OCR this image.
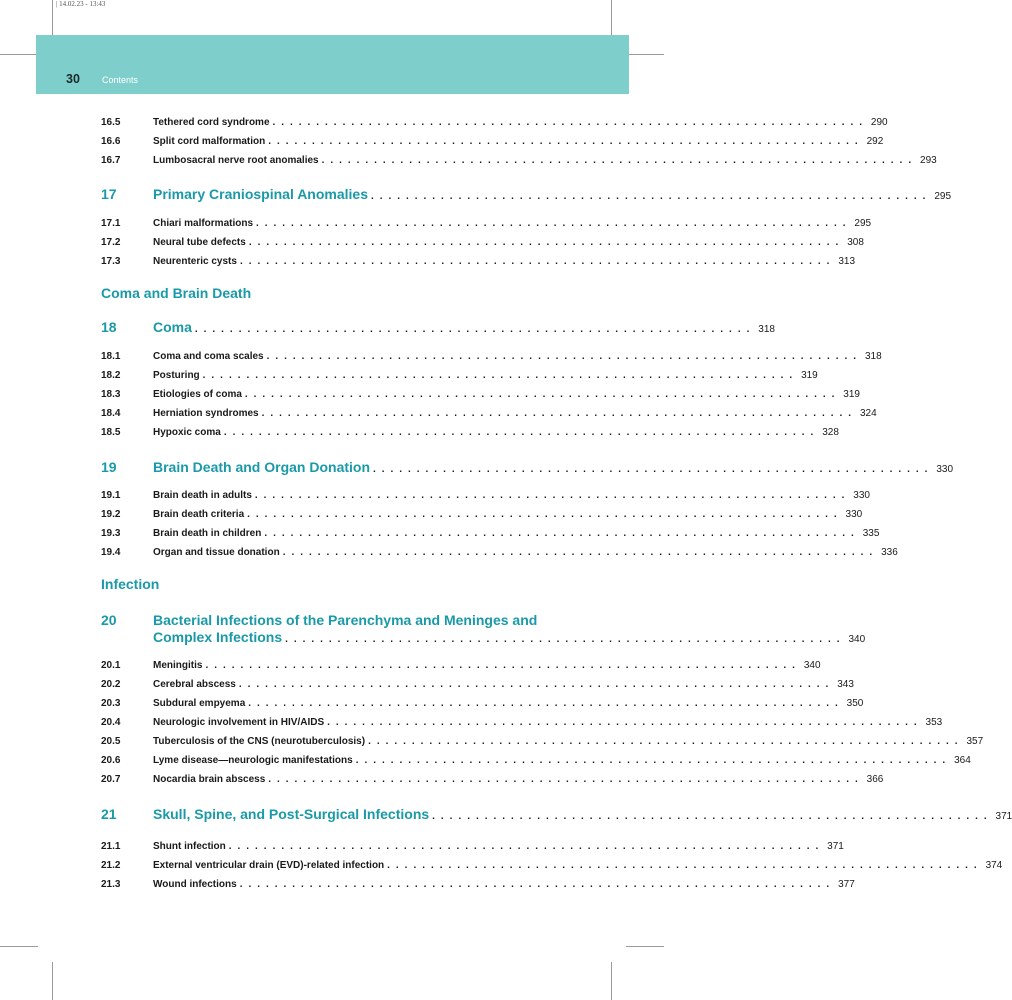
| 14.02.23 - 13:43
30 Contents
16.5	Tethered cord syndrome . . . . . . . . . . . . . . . . . . . . . . . . . . . . . . . . . . . . . . . . . . . . . . . . . . . . . . . . . . . . . . . . . . . . 290
16.6	Split cord malformation . . . . . . . . . . . . . . . . . . . . . . . . . . . . . . . . . . . . . . . . . . . . . . . . . . . . . . . . . . . . . . . . . . . . 292
16.7	Lumbosacral nerve root anomalies . . . . . . . . . . . . . . . . . . . . . . . . . . . . . . . . . . . . . . . . . . . . . . . . . . . . . . . . . . . . . . . . . . . . 293
17	Primary Craniospinal Anomalies . . . . . . . . . . . . . . . . . . . . . . . . . . . . . . . . . . . . . . . . . . . . . . . . . . . . . . . . . . . . . . . . 295
17.1	Chiari malformations . . . . . . . . . . . . . . . . . . . . . . . . . . . . . . . . . . . . . . . . . . . . . . . . . . . . . . . . . . . . . . . . . . . . 295
17.2	Neural tube defects . . . . . . . . . . . . . . . . . . . . . . . . . . . . . . . . . . . . . . . . . . . . . . . . . . . . . . . . . . . . . . . . . . . . 308
17.3	Neurenteric cysts . . . . . . . . . . . . . . . . . . . . . . . . . . . . . . . . . . . . . . . . . . . . . . . . . . . . . . . . . . . . . . . . . . . . 313
Coma and Brain Death
18	Coma . . . . . . . . . . . . . . . . . . . . . . . . . . . . . . . . . . . . . . . . . . . . . . . . . . . . . . . . . . . . . . . . 318
18.1	Coma and coma scales . . . . . . . . . . . . . . . . . . . . . . . . . . . . . . . . . . . . . . . . . . . . . . . . . . . . . . . . . . . . . . . . . . . . 318
18.2	Posturing . . . . . . . . . . . . . . . . . . . . . . . . . . . . . . . . . . . . . . . . . . . . . . . . . . . . . . . . . . . . . . . . . . . . 319
18.3	Etiologies of coma . . . . . . . . . . . . . . . . . . . . . . . . . . . . . . . . . . . . . . . . . . . . . . . . . . . . . . . . . . . . . . . . . . . . 319
18.4	Herniation syndromes . . . . . . . . . . . . . . . . . . . . . . . . . . . . . . . . . . . . . . . . . . . . . . . . . . . . . . . . . . . . . . . . . . . . 324
18.5	Hypoxic coma . . . . . . . . . . . . . . . . . . . . . . . . . . . . . . . . . . . . . . . . . . . . . . . . . . . . . . . . . . . . . . . . . . . . 328
19	Brain Death and Organ Donation . . . . . . . . . . . . . . . . . . . . . . . . . . . . . . . . . . . . . . . . . . . . . . . . . . . . . . . . . . . . . . . . 330
19.1	Brain death in adults . . . . . . . . . . . . . . . . . . . . . . . . . . . . . . . . . . . . . . . . . . . . . . . . . . . . . . . . . . . . . . . . . . . . 330
19.2	Brain death criteria . . . . . . . . . . . . . . . . . . . . . . . . . . . . . . . . . . . . . . . . . . . . . . . . . . . . . . . . . . . . . . . . . . . . 330
19.3	Brain death in children . . . . . . . . . . . . . . . . . . . . . . . . . . . . . . . . . . . . . . . . . . . . . . . . . . . . . . . . . . . . . . . . . . . . 335
19.4	Organ and tissue donation . . . . . . . . . . . . . . . . . . . . . . . . . . . . . . . . . . . . . . . . . . . . . . . . . . . . . . . . . . . . . . . . . . . . 336
Infection
20	Bacterial Infections of the Parenchyma and Meninges and
Complex Infections . . . . . . . . . . . . . . . . . . . . . . . . . . . . . . . . . . . . . . . . . . . . . . . . . . . . . . . . . . . . . . . . 340
20.1	Meningitis . . . . . . . . . . . . . . . . . . . . . . . . . . . . . . . . . . . . . . . . . . . . . . . . . . . . . . . . . . . . . . . . . . . . 340
20.2	Cerebral abscess . . . . . . . . . . . . . . . . . . . . . . . . . . . . . . . . . . . . . . . . . . . . . . . . . . . . . . . . . . . . . . . . . . . . 343
20.3	Subdural empyema . . . . . . . . . . . . . . . . . . . . . . . . . . . . . . . . . . . . . . . . . . . . . . . . . . . . . . . . . . . . . . . . . . . . 350
20.4	Neurologic involvement in HIV/AIDS . . . . . . . . . . . . . . . . . . . . . . . . . . . . . . . . . . . . . . . . . . . . . . . . . . . . . . . . . . . . . . . . . . . . 353
20.5	Tuberculosis of the CNS (neurotuberculosis) . . . . . . . . . . . . . . . . . . . . . . . . . . . . . . . . . . . . . . . . . . . . . . . . . . . . . . . . . . . . . . . . . . . . 357
20.6	Lyme disease—neurologic manifestations . . . . . . . . . . . . . . . . . . . . . . . . . . . . . . . . . . . . . . . . . . . . . . . . . . . . . . . . . . . . . . . . . . . . 364
20.7	Nocardia brain abscess . . . . . . . . . . . . . . . . . . . . . . . . . . . . . . . . . . . . . . . . . . . . . . . . . . . . . . . . . . . . . . . . . . . . 366
21	Skull, Spine, and Post-Surgical Infections . . . . . . . . . . . . . . . . . . . . . . . . . . . . . . . . . . . . . . . . . . . . . . . . . . . . . . . . . . . . . . . . 371
21.1	Shunt infection . . . . . . . . . . . . . . . . . . . . . . . . . . . . . . . . . . . . . . . . . . . . . . . . . . . . . . . . . . . . . . . . . . . . 371
21.2	External ventricular drain (EVD)-related infection . . . . . . . . . . . . . . . . . . . . . . . . . . . . . . . . . . . . . . . . . . . . . . . . . . . . . . . . . . . . . . . . . . . . 374
21.3	Wound infections . . . . . . . . . . . . . . . . . . . . . . . . . . . . . . . . . . . . . . . . . . . . . . . . . . . . . . . . . . . . . . . . . . . . 377
